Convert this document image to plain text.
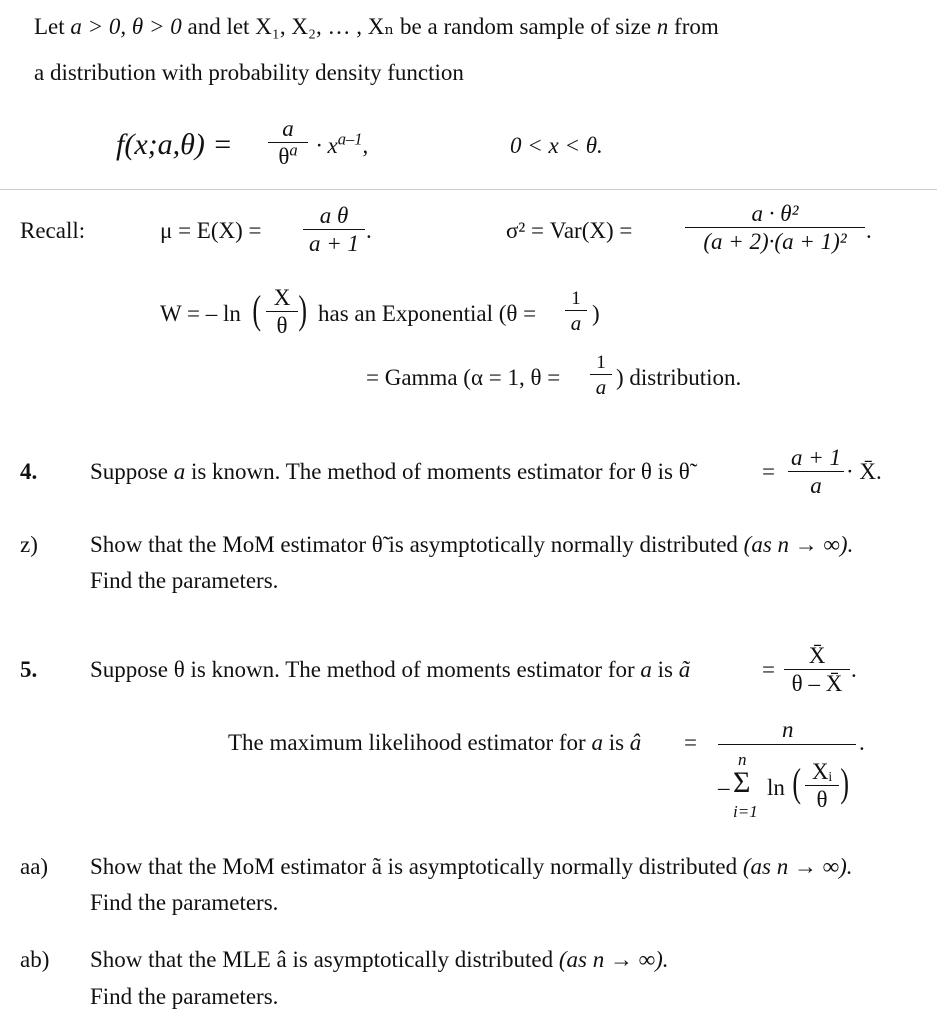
Let a > 0, θ > 0 and let X₁, X₂, … , Xₙ be a random sample of size n from
a distribution with probability density function
f(x;a,θ) =	a
$\theta^a \cdot x^{a-1}$,	0 < x < θ.
Recall:	μ = E(X) =
a θ
a + 1
.	σ² = Var(X) =
a · θ²
(a + 2)·(a + 1)² .
W = – ln ( X
θ ) has an Exponential (θ =
1
a )
= Gamma (α = 1, θ =
1
a ) distribution.
4. Suppose a is known. The method of moments estimator for θ is θ̃	=
a + 1
a
· X̄.
z) Show that the MoM estimator θ̃ is asymptotically normally distributed (as n → ∞).
Find the parameters.
5. Suppose θ is known. The method of moments estimator for a is ã	=
X̄
θ – X̄
.
The maximum likelihood estimator for a is â =
n
.
–
n
Σ
i=1
ln ( Xᵢ
θ )
aa) Show that the MoM estimator ã is asymptotically normally distributed (as n → ∞).
Find the parameters.
ab) Show that the MLE â is asymptotically distributed (as n → ∞).
Find the parameters.
